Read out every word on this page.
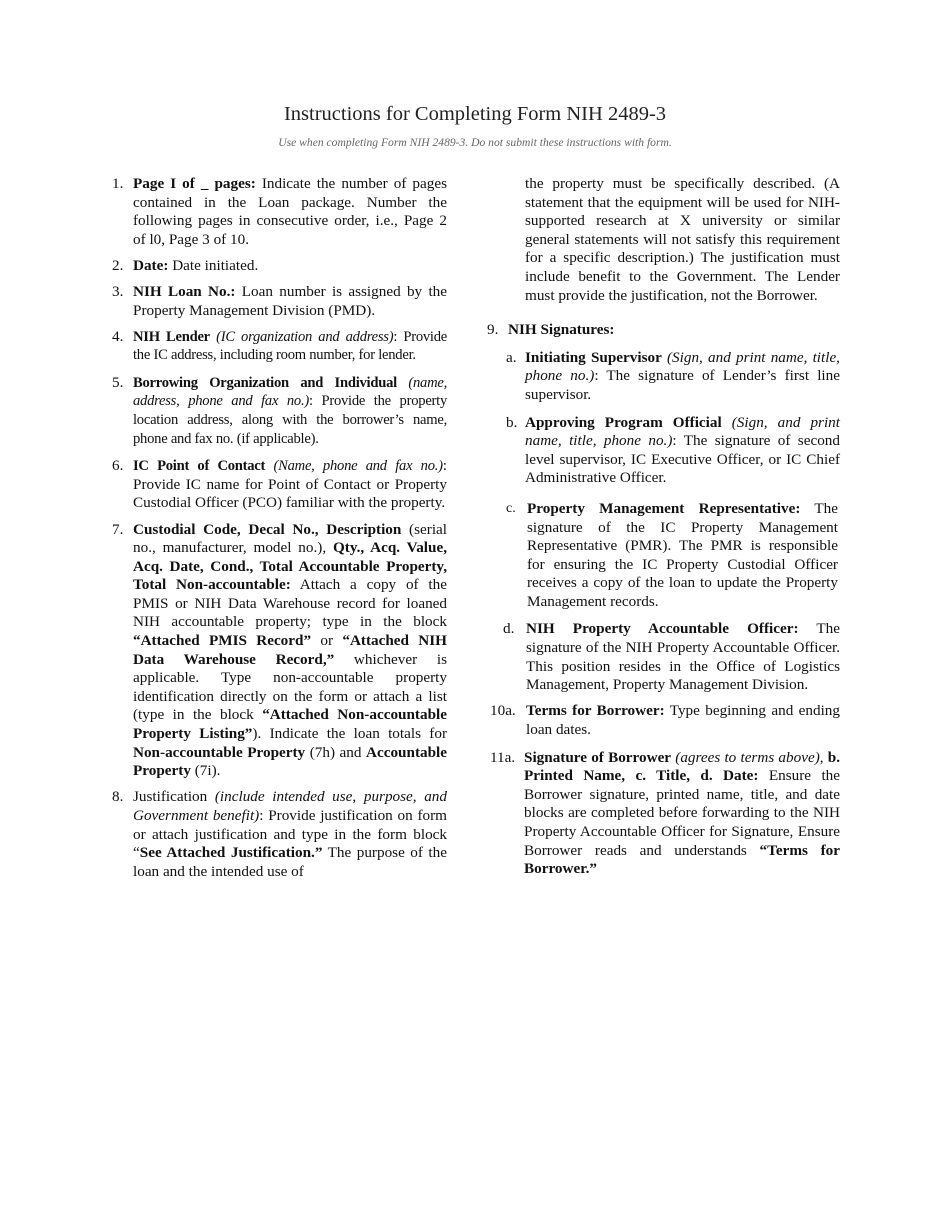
Instructions for Completing Form NIH 2489-3
Use when completing Form NIH 2489-3. Do not submit these instructions with form.
1. Page I of _ pages: Indicate the number of pages contained in the Loan package. Number the following pages in consecutive order, i.e., Page 2 of l0, Page 3 of 10.

2. Date: Date initiated.

3. NIH Loan No.: Loan number is assigned by the Property Management Division (PMD).

4. NIH Lender (IC organization and address): Provide the IC address, including room number, for lender.

5. Borrowing Organization and Individual (name, address, phone and fax no.): Provide the property location address, along with the borrower’s name, phone and fax no. (if applicable).

6. IC Point of Contact (Name, phone and fax no.): Provide IC name for Point of Contact or Property Custodial Officer (PCO) familiar with the property.

7. Custodial Code, Decal No., Description (serial no., manufacturer, model no.), Qty., Acq. Value, Acq. Date, Cond., Total Accountable Property, Total Non-accountable: Attach a copy of the PMIS or NIH Data Warehouse record for loaned NIH accountable property; type in the block “Attached PMIS Record” or “Attached NIH Data Warehouse Record,” whichever is applicable. Type non-accountable property identification directly on the form or attach a list (type in the block “Attached Non-accountable Property Listing”). Indicate the loan totals for Non-accountable Property (7h) and Accountable Property (7i).

8. Justification (include intended use, purpose, and Government benefit): Provide justification on form or attach justification and type in the form block “See Attached Justification.” The purpose of the loan and the intended use of

the property must be specifically described. (A statement that the equipment will be used for NIH-supported research at X university or similar general statements will not satisfy this requirement for a specific description.) The justification must include benefit to the Government. The Lender must provide the justification, not the Borrower.

9. NIH Signatures:

a. Initiating Supervisor (Sign, and print name, title, phone no.): The signature of Lender’s first line supervisor.

b. Approving Program Official (Sign, and print name, title, phone no.): The signature of second level supervisor, IC Executive Officer, or IC Chief Administrative Officer.

c. Property Management Representative: The signature of the IC Property Management Representative (PMR). The PMR is responsible for ensuring the IC Property Custodial Officer receives a copy of the loan to update the Property Management records.

d. NIH Property Accountable Officer: The signature of the NIH Property Accountable Officer. This position resides in the Office of Logistics Management, Property Management Division.

10a. Terms for Borrower: Type beginning and ending loan dates.

11a. Signature of Borrower (agrees to terms above), b. Printed Name, c. Title, d. Date: Ensure the Borrower signature, printed name, title, and date blocks are completed before forwarding to the NIH Property Accountable Officer for Signature, Ensure Borrower reads and understands “Terms for Borrower.”
